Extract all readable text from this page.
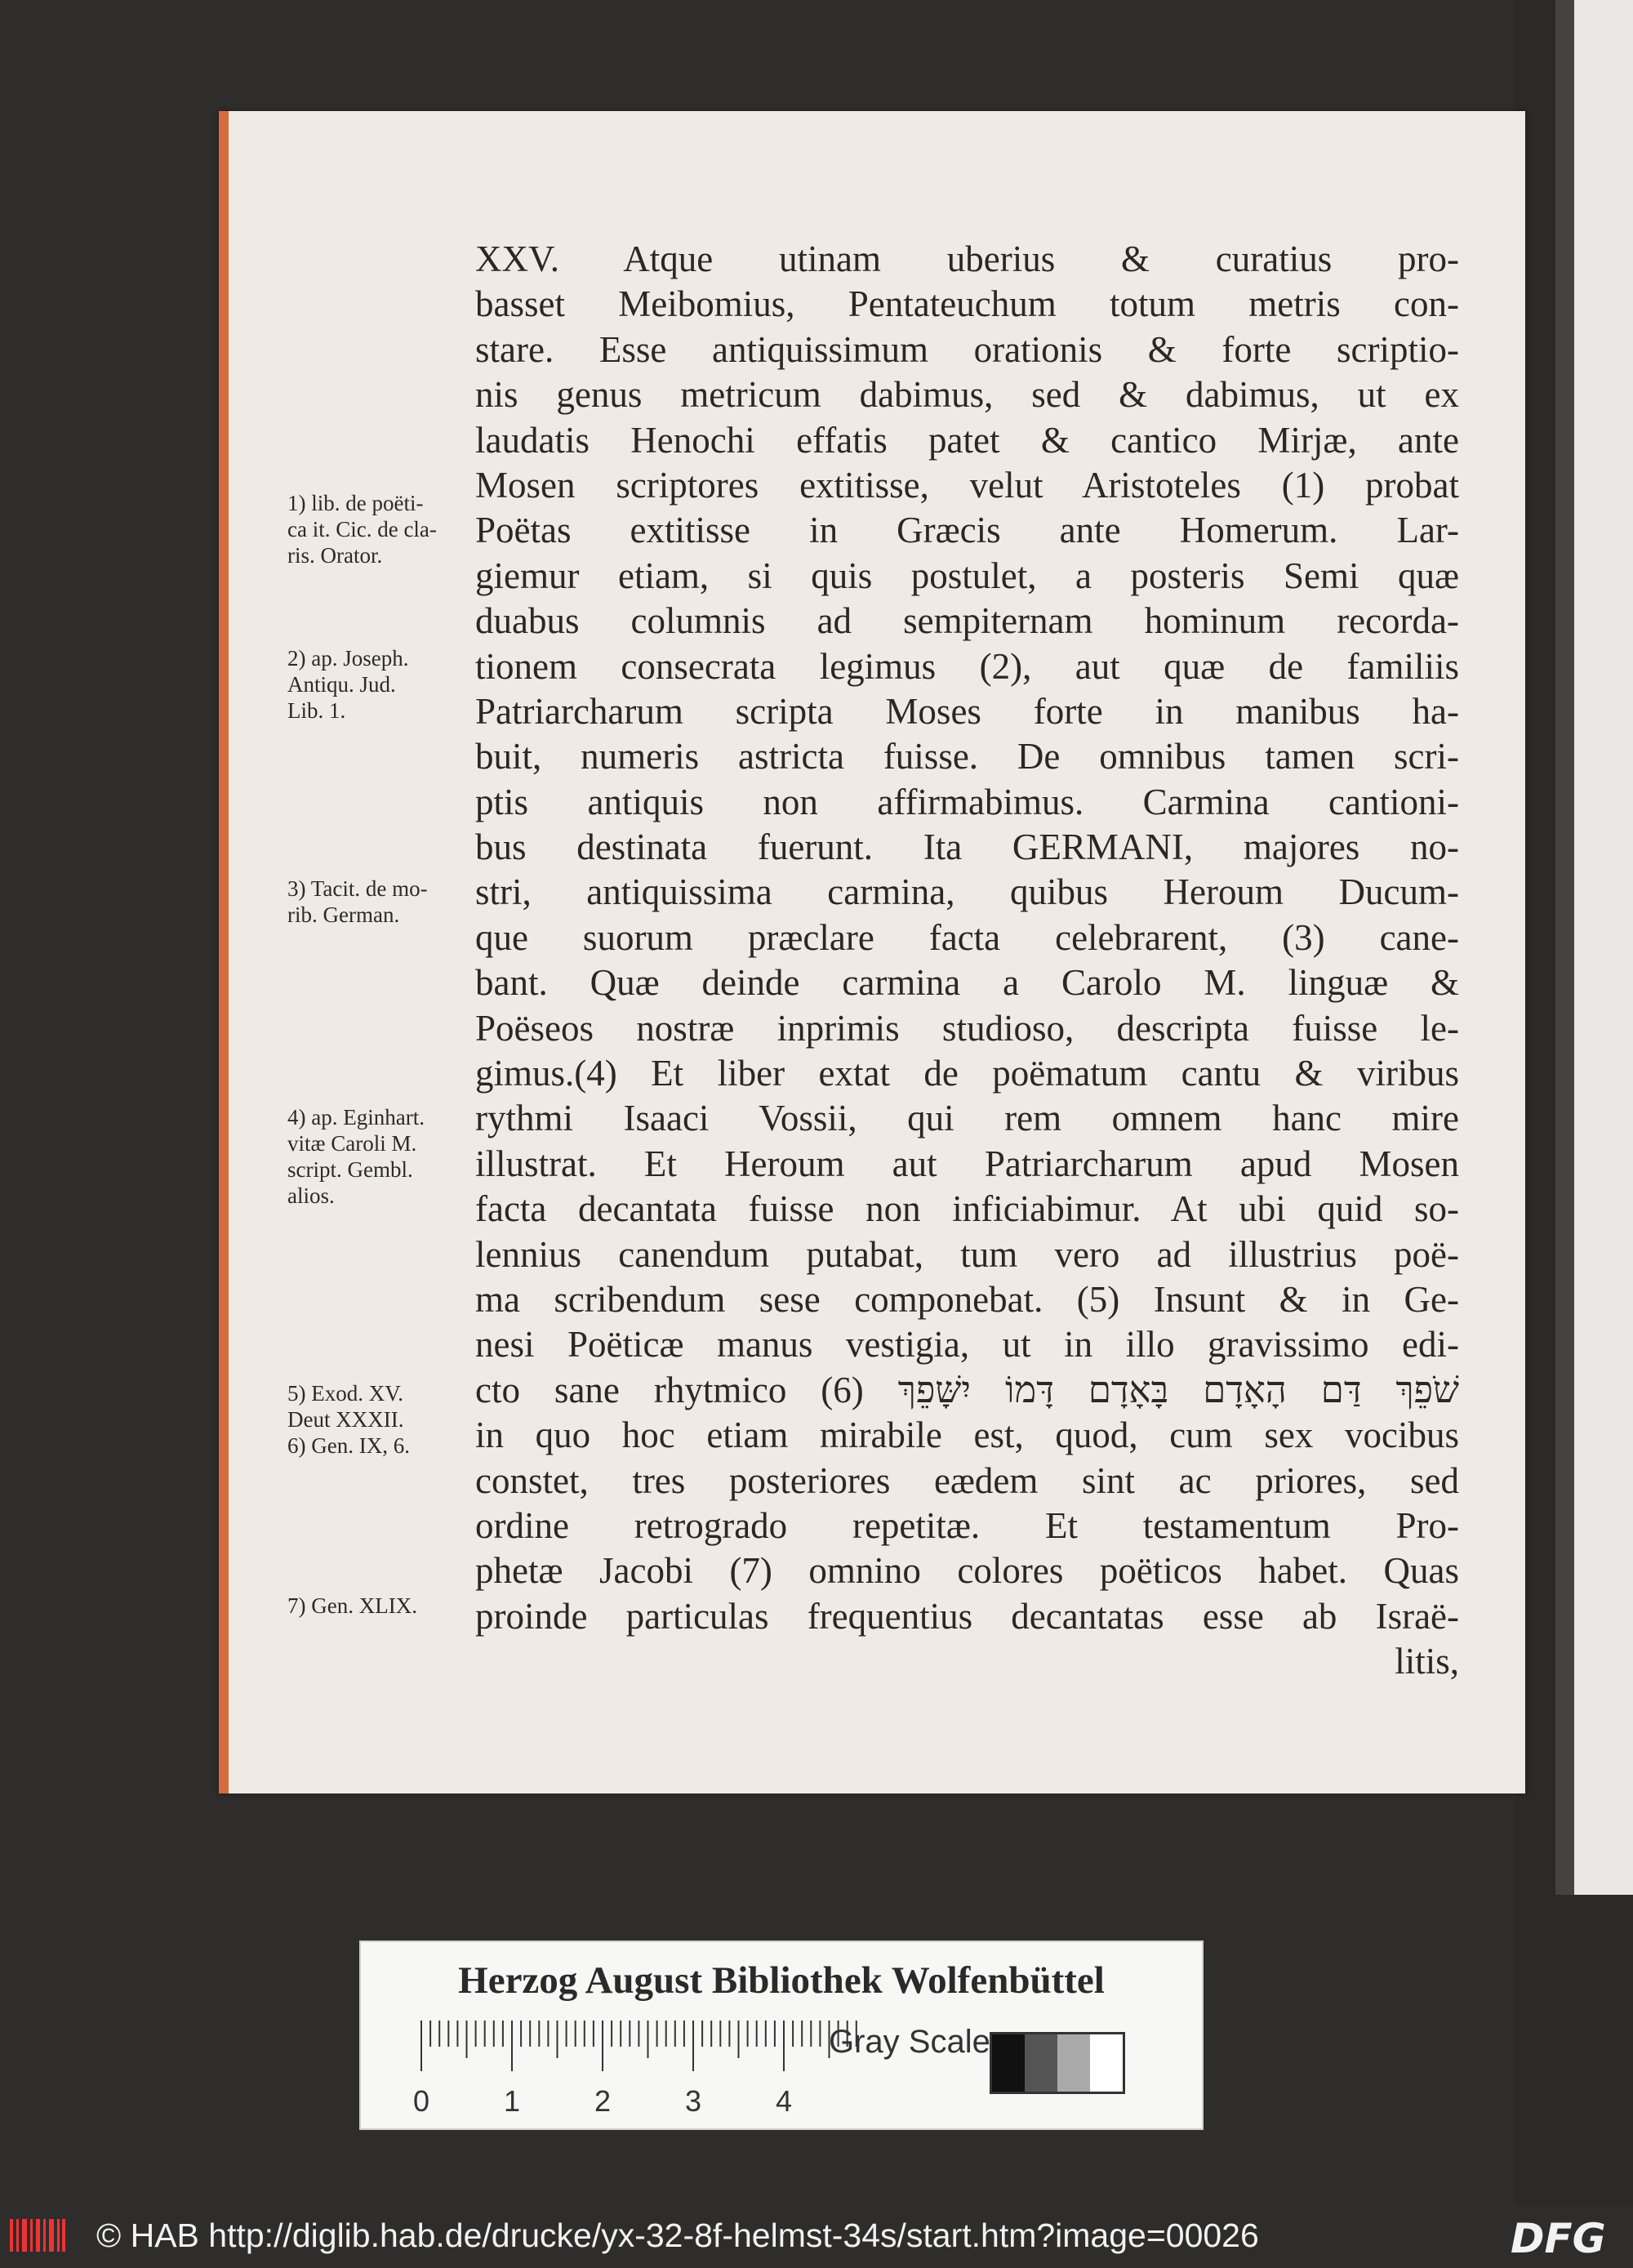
XXV. Atque utinam uberius & curatius pro-
basset Meibomius, Pentateuchum totum metris con-
stare. Esse antiquissimum orationis & forte scriptio-
nis genus metricum dabimus, sed & dabimus, ut ex
laudatis Henochi effatis patet & cantico Mirjæ, ante
Mosen scriptores extitisse, velut Aristoteles (1) probat
Poëtas extitisse in Græcis ante Homerum. Lar-
giemur etiam, si quis postulet, a posteris Semi quæ
duabus columnis ad sempiternam hominum recorda-
tionem consecrata legimus (2), aut quæ de familiis
Patriarcharum scripta Moses forte in manibus ha-
buit, numeris astricta fuisse. De omnibus tamen scri-
ptis antiquis non affirmabimus. Carmina cantioni-
bus destinata fuerunt. Ita GERMANI, majores no-
stri, antiquissima carmina, quibus Heroum Ducum-
que suorum præclare facta celebrarent, (3) cane-
bant. Quæ deinde carmina a Carolo M. linguæ &
Poëseos nostræ inprimis studioso, descripta fuisse le-
gimus.(4) Et liber extat de poëmatum cantu & viribus
rythmi Isaaci Vossii, qui rem omnem hanc mire
illustrat. Et Heroum aut Patriarcharum apud Mosen
facta decantata fuisse non inficiabimur. At ubi quid so-
lennius canendum putabat, tum vero ad illustrius poë-
ma scribendum sese componebat. (5) Insunt & in Ge-
nesi Poëticæ manus vestigia, ut in illo gravissimo edi-
cto sane rhytmico (6) שֹׁפֵךְ דַּם הָאָדָם בָּאָדָם דָּמוֹ יִשָּׁפֵךְ
in quo hoc etiam mirabile est, quod, cum sex vocibus
constet, tres posteriores eædem sint ac priores, sed
ordine retrogrado repetitæ. Et testamentum Pro-
phetæ Jacobi (7) omnino colores poëticos habet. Quas
proinde particulas frequentius decantatas esse ab Israë-
litis,
1) lib. de poëti-
ca it. Cic. de cla-
ris. Orator.
2) ap. Joseph.
Antiqu. Jud.
Lib. 1.
3) Tacit. de mo-
rib. German.
4) ap. Eginhart.
vitæ Caroli M.
script. Gembl.
alios.
5) Exod. XV.
Deut XXXII.
6) Gen. IX, 6.
7) Gen. XLIX.
Herzog August Bibliothek Wolfenbüttel
0	1	2	3	4
Gray Scale
© HAB http://diglib.hab.de/drucke/yx-32-8f-helmst-34s/start.htm?image=00026	DFG
